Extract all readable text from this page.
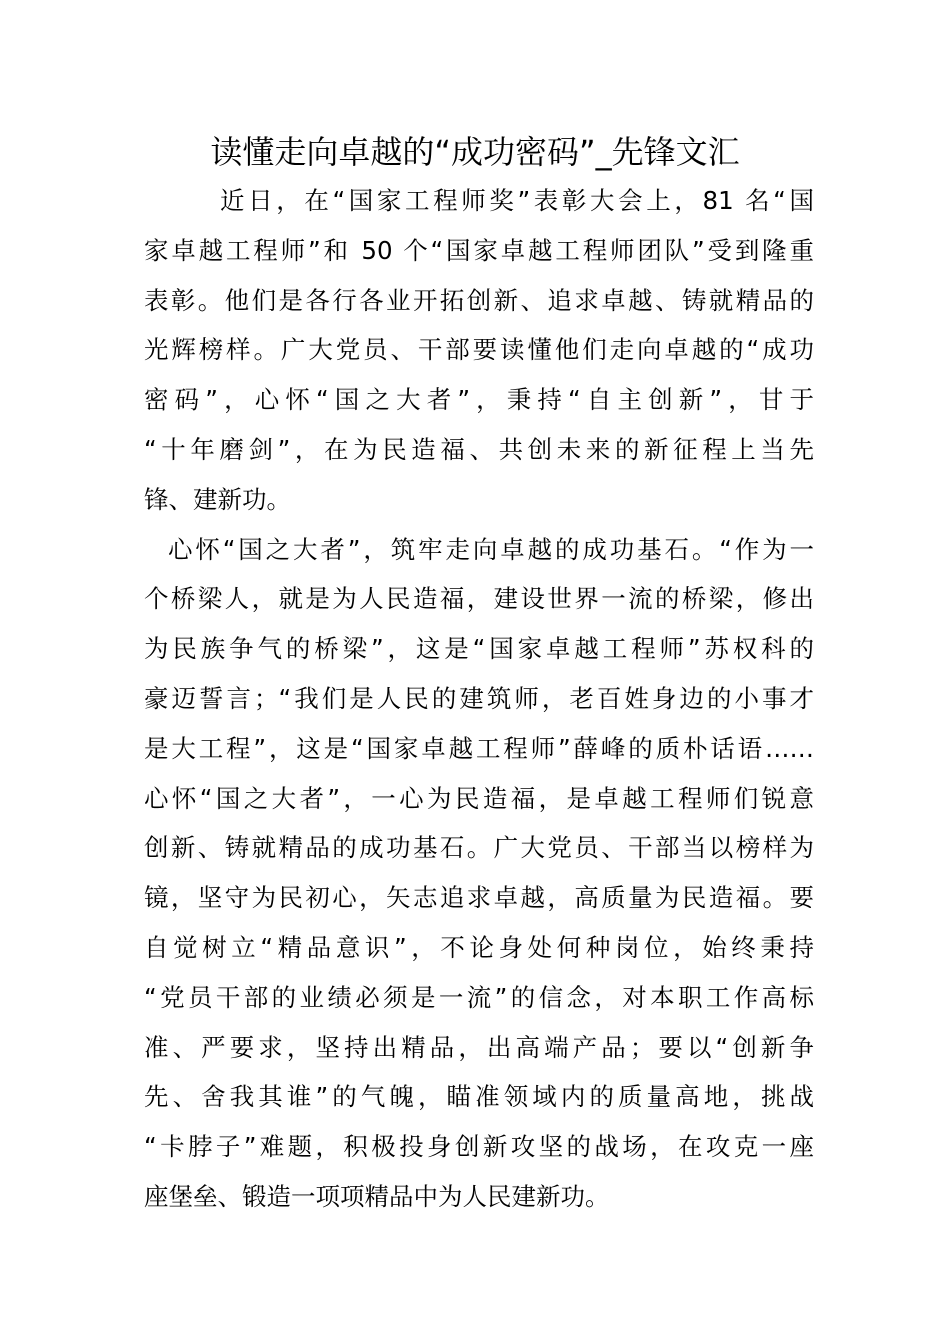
读懂走向卓越的“成功密码”_先锋文汇
近日，在“国家工程师奖”表彰大会上，81 名“国
家卓越工程师”和 50 个“国家卓越工程师团队”受到隆重
表彰。他们是各行各业开拓创新、追求卓越、铸就精品的
光辉榜样。广大党员、干部要读懂他们走向卓越的“成功
密码”，心怀“国之大者”，秉持“自主创新”，甘于
“十年磨剑”，在为民造福、共创未来的新征程上当先
锋、建新功。
心怀“国之大者”，筑牢走向卓越的成功基石。“作为一
个桥梁人，就是为人民造福，建设世界一流的桥梁，修出
为民族争气的桥梁”，这是“国家卓越工程师”苏权科的
豪迈誓言；“我们是人民的建筑师，老百姓身边的小事才
是大工程”，这是“国家卓越工程师”薛峰的质朴话语……
心怀“国之大者”，一心为民造福，是卓越工程师们锐意
创新、铸就精品的成功基石。广大党员、干部当以榜样为
镜，坚守为民初心，矢志追求卓越，高质量为民造福。要
自觉树立“精品意识”，不论身处何种岗位，始终秉持
“党员干部的业绩必须是一流”的信念，对本职工作高标
准、严要求，坚持出精品，出高端产品；要以“创新争
先、舍我其谁”的气魄，瞄准领域内的质量高地，挑战
“卡脖子”难题，积极投身创新攻坚的战场，在攻克一座
座堡垒、锻造一项项精品中为人民建新功。
